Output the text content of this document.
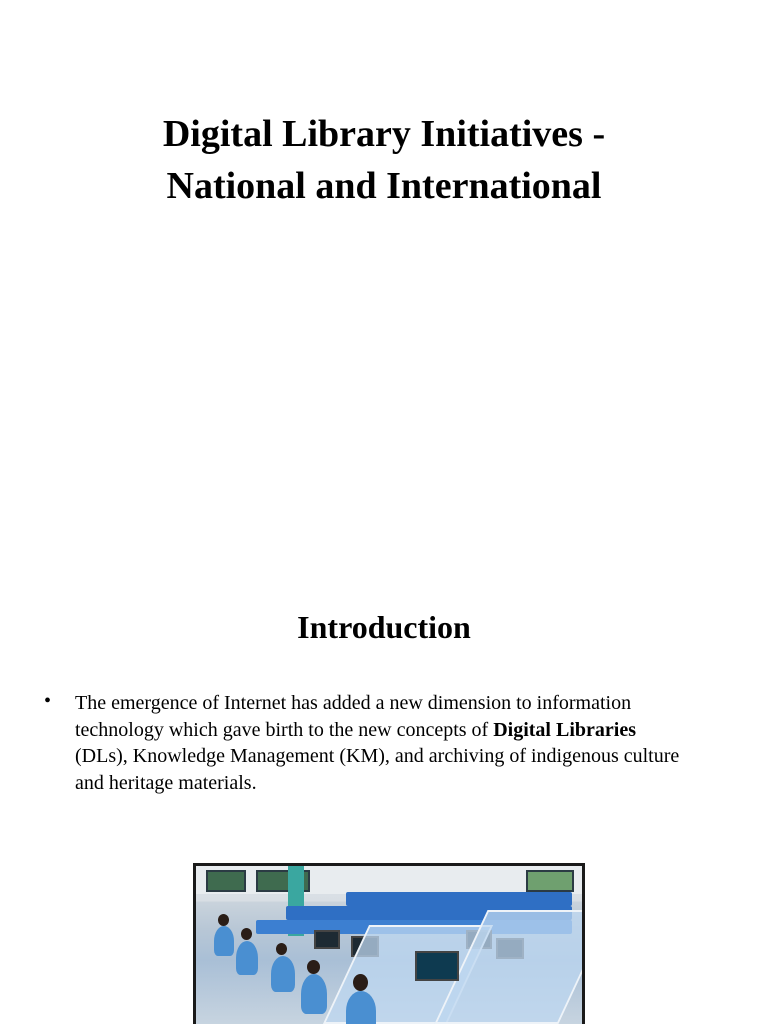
Digital Library Initiatives -
National and International
Introduction
• The emergence of Internet has added a new dimension to information technology which gave birth to the new concepts of Digital Libraries (DLs), Knowledge Management (KM), and archiving of indigenous culture and heritage materials.
